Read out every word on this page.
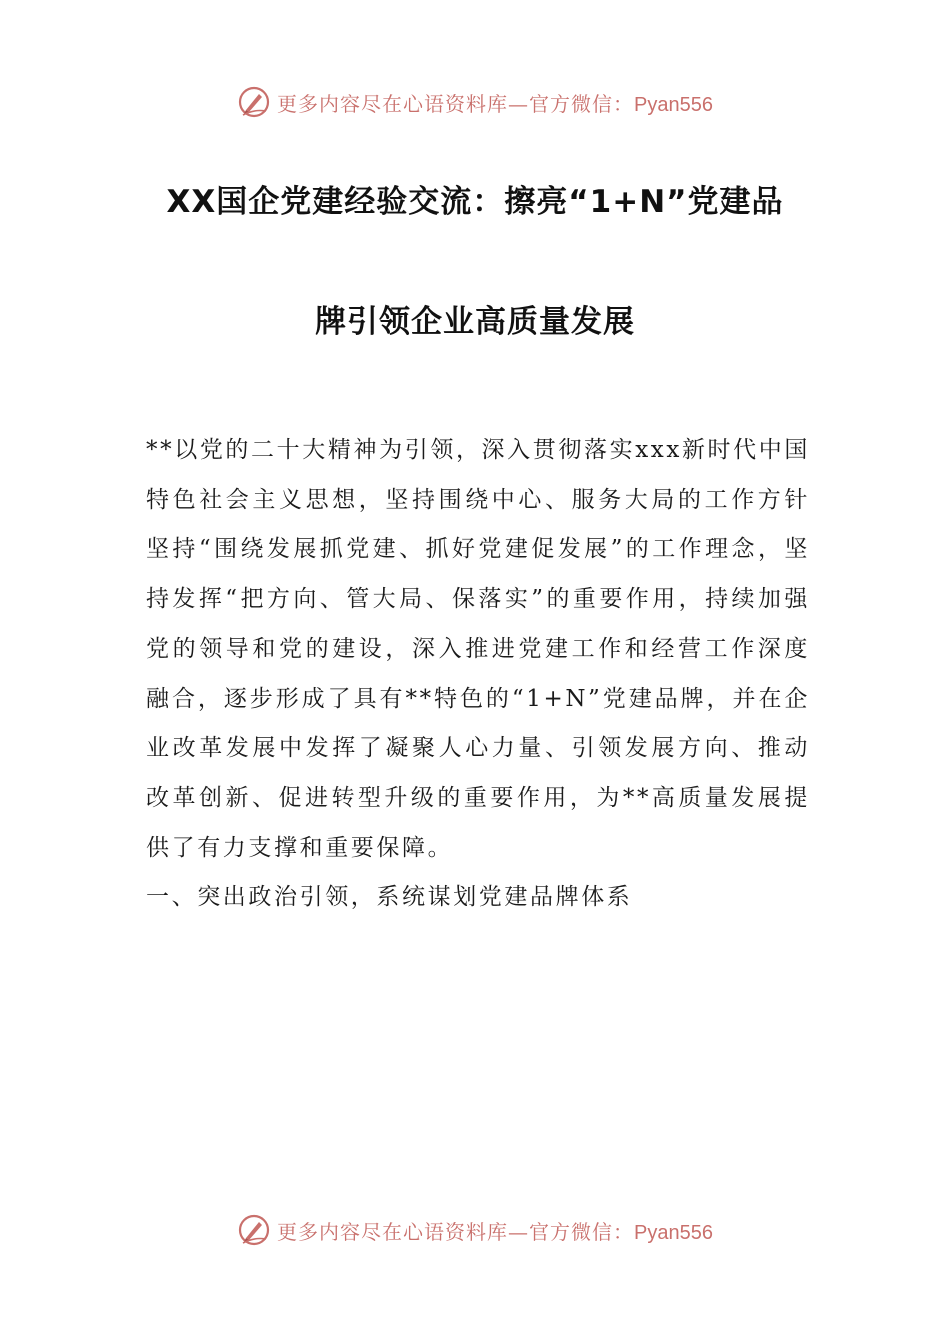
更多内容尽在心语资料库—官方微信：Pyan556
XX国企党建经验交流：擦亮“1+N”党建品
牌引领企业高质量发展

**以党的二十大精神为引领，深入贯彻落实xxx新时代中国特色社会主义思想，坚持围绕中心、服务大局的工作方针坚持“围绕发展抓党建、抓好党建促发展”的工作理念，坚持发挥“把方向、管大局、保落实”的重要作用，持续加强党的领导和党的建设，深入推进党建工作和经营工作深度融合，逐步形成了具有**特色的“1+N”党建品牌，并在企业改革发展中发挥了凝聚人心力量、引领发展方向、推动改革创新、促进转型升级的重要作用，为**高质量发展提供了有力支撑和重要保障。

一、突出政治引领，系统谋划党建品牌体系

更多内容尽在心语资料库—官方微信：Pyan556
